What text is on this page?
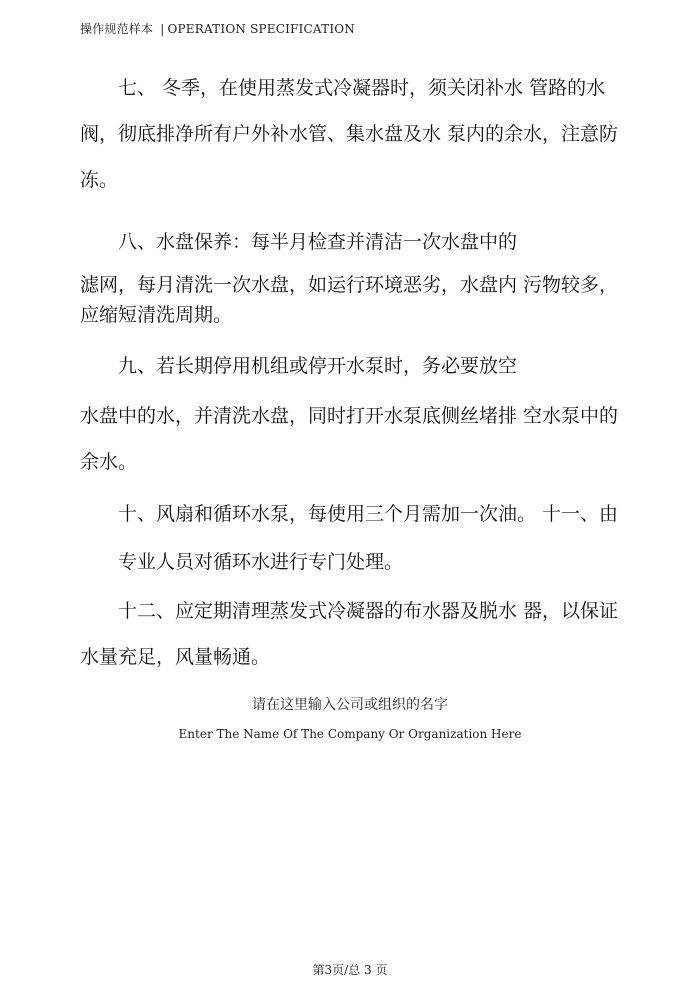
操作规范样本 | OPERATION SPECIFICATION

　　七、 冬季，在使用蒸发式冷凝器时，须关闭补水 管路的水
阀，彻底排净所有户外补水管、集水盘及水 泵内的余水，注意防
冻。

　　八、水盘保养：每半月检查并清洁一次水盘中的

滤网，每月清洗一次水盘，如运行环境恶劣，水盘内 污物较多，
应缩短清洗周期。

　　九、若长期停用机组或停开水泵时，务必要放空

水盘中的水，并清洗水盘，同时打开水泵底侧丝堵排 空水泵中的
余水。

　　十、风扇和循环水泵，每使用三个月需加一次油。 十一、由
　　专业人员对循环水进行专门处理。

　　十二、应定期清理蒸发式冷凝器的布水器及脱水 器，以保证
水量充足，风量畅通。

请在这里输入公司或组织的名字
Enter The Name Of The Company Or Organization Here
第3页/总 3 页
